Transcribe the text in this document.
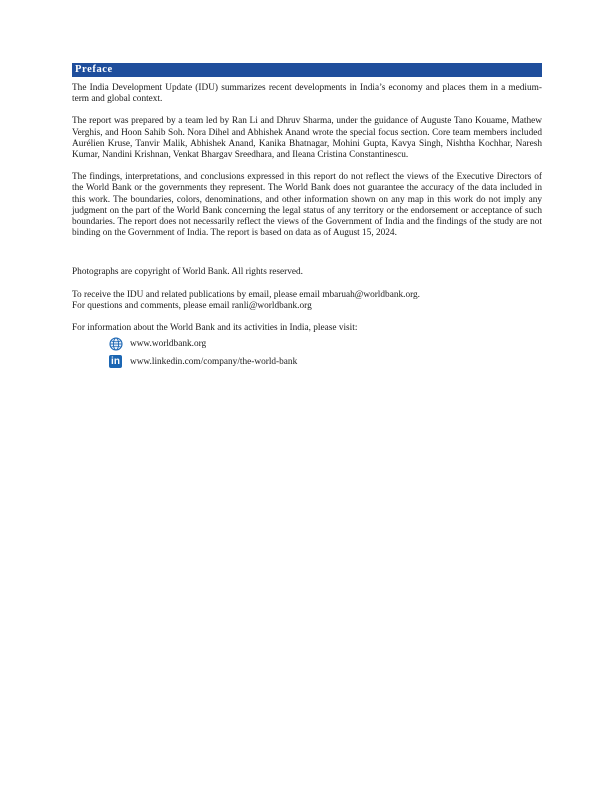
Preface

The India Development Update (IDU) summarizes recent developments in India’s economy and places them in a medium-term and global context.

The report was prepared by a team led by Ran Li and Dhruv Sharma, under the guidance of Auguste Tano Kouame, Mathew Verghis, and Hoon Sahib Soh. Nora Dihel and Abhishek Anand wrote the special focus section. Core team members included Aurélien Kruse, Tanvir Malik, Abhishek Anand, Kanika Bhatnagar, Mohini Gupta, Kavya Singh, Nishtha Kochhar, Naresh Kumar, Nandini Krishnan, Venkat Bhargav Sreedhara, and Ileana Cristina Constantinescu.

The findings, interpretations, and conclusions expressed in this report do not reflect the views of the Executive Directors of the World Bank or the governments they represent. The World Bank does not guarantee the accuracy of the data included in this work. The boundaries, colors, denominations, and other information shown on any map in this work do not imply any judgment on the part of the World Bank concerning the legal status of any territory or the endorsement or acceptance of such boundaries. The report does not necessarily reflect the views of the Government of India and the findings of the study are not binding on the Government of India. The report is based on data as of August 15, 2024.

Photographs are copyright of World Bank. All rights reserved.

To receive the IDU and related publications by email, please email mbaruah@worldbank.org.

For questions and comments, please email ranli@worldbank.org

For information about the World Bank and its activities in India, please visit:

www.worldbank.org
in	www.linkedin.com/company/the-world-bank
